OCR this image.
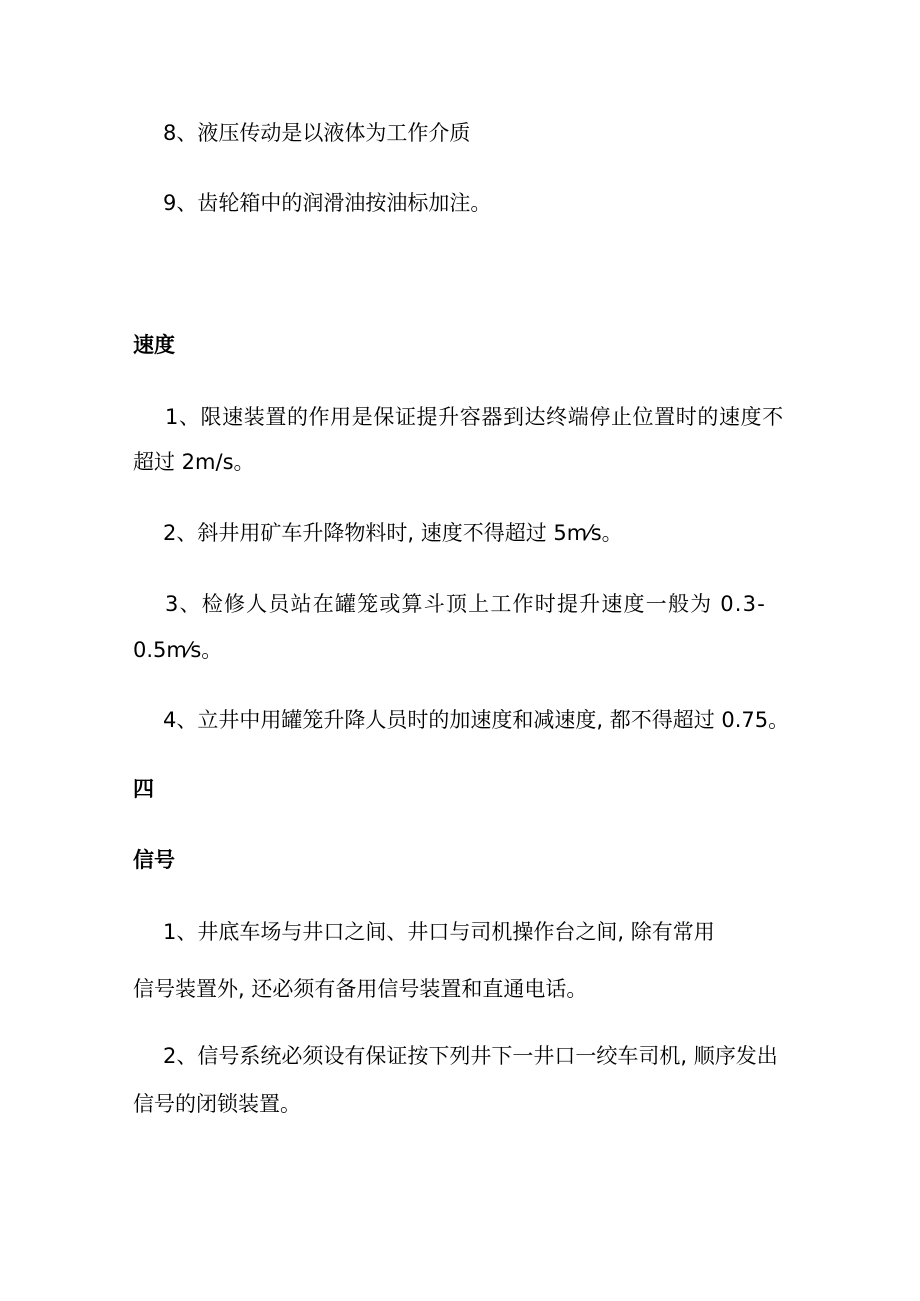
8、液压传动是以液体为工作介质
9、齿轮箱中的润滑油按油标加注。
速度
1、限速装置的作用是保证提升容器到达终端停止位置时的速度不
超过 2m/s。
2、斜井用矿车升降物料时, 速度不得超过 5m⁄s。
3、检修人员站在罐笼或算斗顶上工作时提升速度一般为 0.3-
0.5m⁄s。
4、立井中用罐笼升降人员时的加速度和减速度, 都不得超过 0.75。
四
信号
1、井底车场与井口之间、井口与司机操作台之间, 除有常用
信号装置外, 还必须有备用信号装置和直通电话。
2、信号系统必须设有保证按下列井下一井口一绞车司机, 顺序发出
信号的闭锁装置。
